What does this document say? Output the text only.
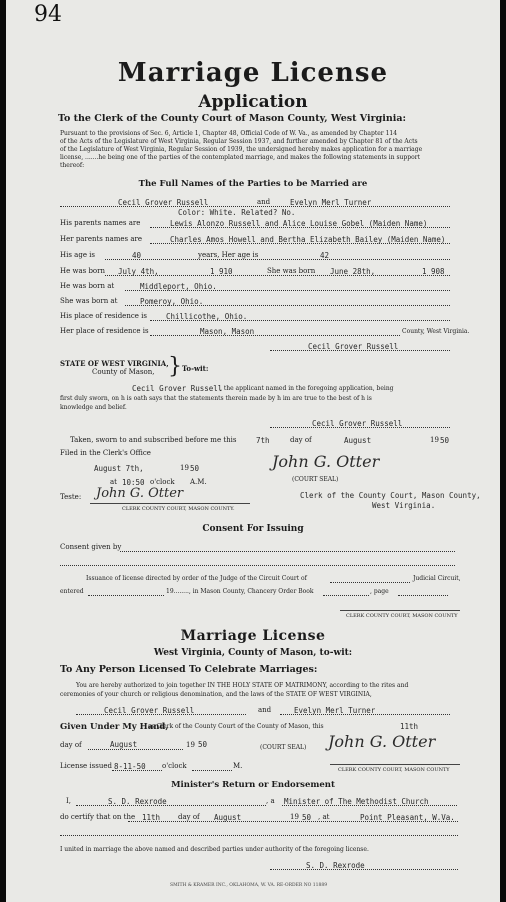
94
Marriage License
Application
To the Clerk of the County Court of Mason County, West Virginia:
Pursuant to the provisions of Sec. 6, Article 1, Chapter 48, Official Code of W. Va., as amended by Chapter 114
of the Acts of the Legislature of West Virginia, Regular Session 1937, and further amended by Chapter 81 of the Acts
of the Legislature of West Virginia, Regular Session of 1939, the undersigned hereby makes application for a marriage
license, .......he being one of the parties of the contemplated marriage, and makes the following statements in support
thereof:
The Full Names of the Parties to be Married are
Cecil Grover Russell	and	Evelyn Merl Turner
Color: White. Related? No.
His parents names are	Lewis Alonzo Russell and Alice Louise Gobel (Maiden Name)
Her parents names are	Charles Amos Howell and Bertha Elizabeth Bailey (Maiden Name)
His age is	40	years, Her age is	42
He was born July 4th,	1 910	She was born June 28th,	1 908
He was born at	Middleport, Ohio.
She was born at	Pomeroy, Ohio.
His place of residence is	Chillicothe, Ohio.
Her place of residence is	Mason, Mason	County, West Virginia.
Cecil Grover Russell
STATE OF WEST VIRGINIA,
County of Mason, } To-wit:
Cecil Grover Russell
, the applicant named in the foregoing application, being
first duly sworn, on h is oath says that the statements therein made by h im are true to the best of h is
knowledge and belief.
Cecil Grover Russell
Taken, sworn to and subscribed before me this	7th	day of	August	19 50
Filed in the Clerk's Office
August 7th,	19 50
at 10:50 o'clock A.M.
John G. Otter
(COURT SEAL)
Teste: John G. Otter
CLERK COUNTY COURT, MASON COUNTY.
Clerk of the County Court, Mason County,
West Virginia.
Consent For Issuing
Consent given by
Issuance of license directed by order of the Judge of the Circuit Court of	Judicial Circuit,
entered	19........, in Mason County, Chancery Order Book	, page
CLERK COUNTY COURT, MASON COUNTY
Marriage License
West Virginia, County of Mason, to-wit:
To Any Person Licensed To Celebrate Marriages:
You are hereby authorized to join together IN THE HOLY STATE OF MATRIMONY, according to the rites and
ceremonies of your church or religious denomination, and the laws of the STATE OF WEST VIRGINIA,
Cecil Grover Russell	and	Evelyn Merl Turner
Given Under My Hand,
as Clerk of the County Court of the County of Mason, this	11th
day of	August	19 50	(COURT SEAL) John G. Otter
License issued 8-11-50 o'clock	M.	CLERK COUNTY COURT, MASON COUNTY
Minister's Return or Endorsement
I,	S. D. Rexrode	, a Minister of The Methodist Church
do certify that on the 11th	day of August	19 50 , at	Point Pleasant, W.Va.
I united in marriage the above named and described parties under authority of the foregoing license.
S. D. Rexrode
SMITH & KRAMER INC., OKLAHOMA, W. VA. RE-ORDER NO 11889
